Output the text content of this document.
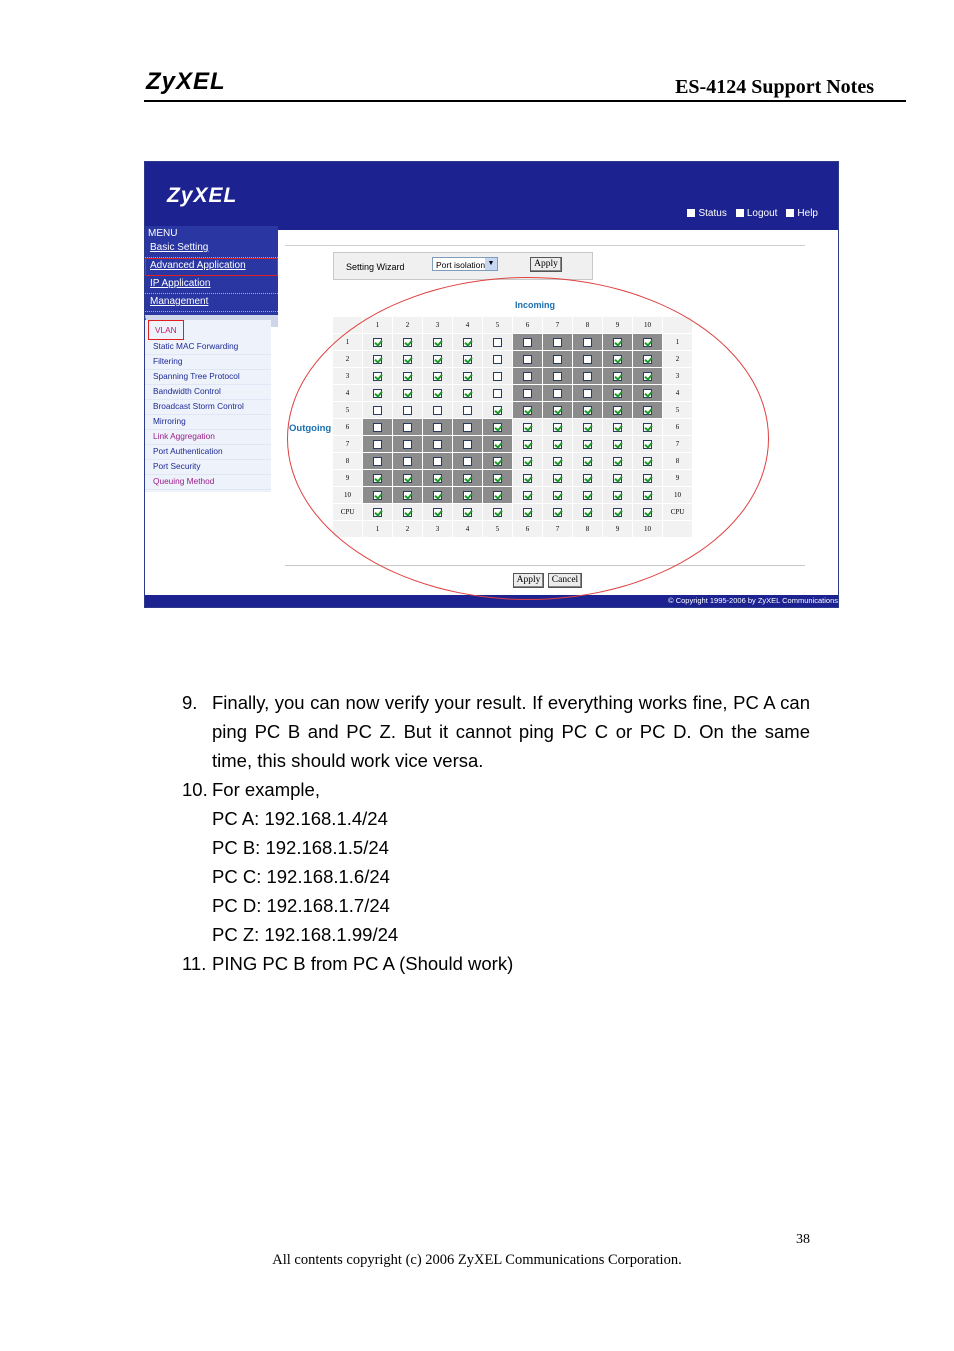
ZyXEL	ES-4124 Support Notes
ZyXEL
Status	Logout	Help
MENU
Basic Setting
Advanced Application
IP Application
Management
VLAN
Static MAC Forwarding
Filtering
Spanning Tree Protocol
Bandwidth Control
Broadcast Storm Control
Mirroring
Link Aggregation
Port Authentication
Port Security
Queuing Method
Setting Wizard	Port isolation ▼	Apply
Incoming
Outgoing
	1	2	3	4	5	6	7	8	9	10	
1											1
2											2
3											3
4											4
5											5
6											6
7											7
8											8
9											9
10											10
CPU											CPU
	1	2	3	4	5	6	7	8	9	10	
Apply	Cancel
© Copyright 1995-2006 by ZyXEL Communications
9. Finally, you can now verify your result. If everything works fine, PC A can ping PC B and PC Z. But it cannot ping PC C or PC D. On the same time, this should work vice versa.
10. For example,
PC A: 192.168.1.4/24
PC B: 192.168.1.5/24
PC C: 192.168.1.6/24
PC D: 192.168.1.7/24
PC Z: 192.168.1.99/24
11. PING PC B from PC A (Should work)
38
All contents copyright (c) 2006 ZyXEL Communications Corporation.
